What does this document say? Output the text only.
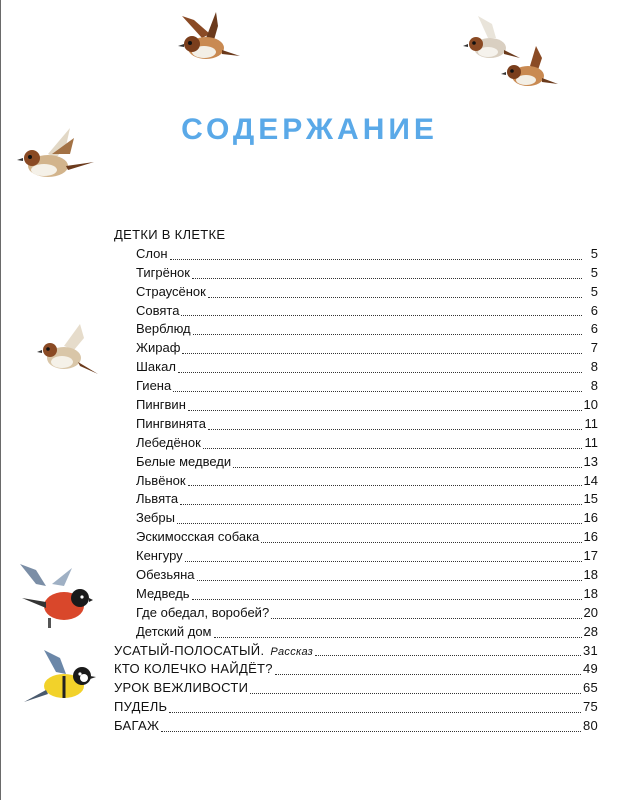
СОДЕРЖАНИЕ
ДЕТКИ В КЛЕТКЕ
Слон	5
Тигрёнок	5
Страусёнок	5
Совята	6
Верблюд	6
Жираф	7
Шакал	8
Гиена	8
Пингвин	10
Пингвинята	11
Лебедёнок	11
Белые медведи	13
Львёнок	14
Львята	15
Зебры	16
Эскимосская собака	16
Кенгуру	17
Обезьяна	18
Медведь	18
Где обедал, воробей?	20
Детский дом	28
УСАТЫЙ-ПОЛОСАТЫЙ. Рассказ	31
КТО КОЛЕЧКО НАЙДЁТ?	49
УРОК ВЕЖЛИВОСТИ	65
ПУДЕЛЬ	75
БАГАЖ	80
